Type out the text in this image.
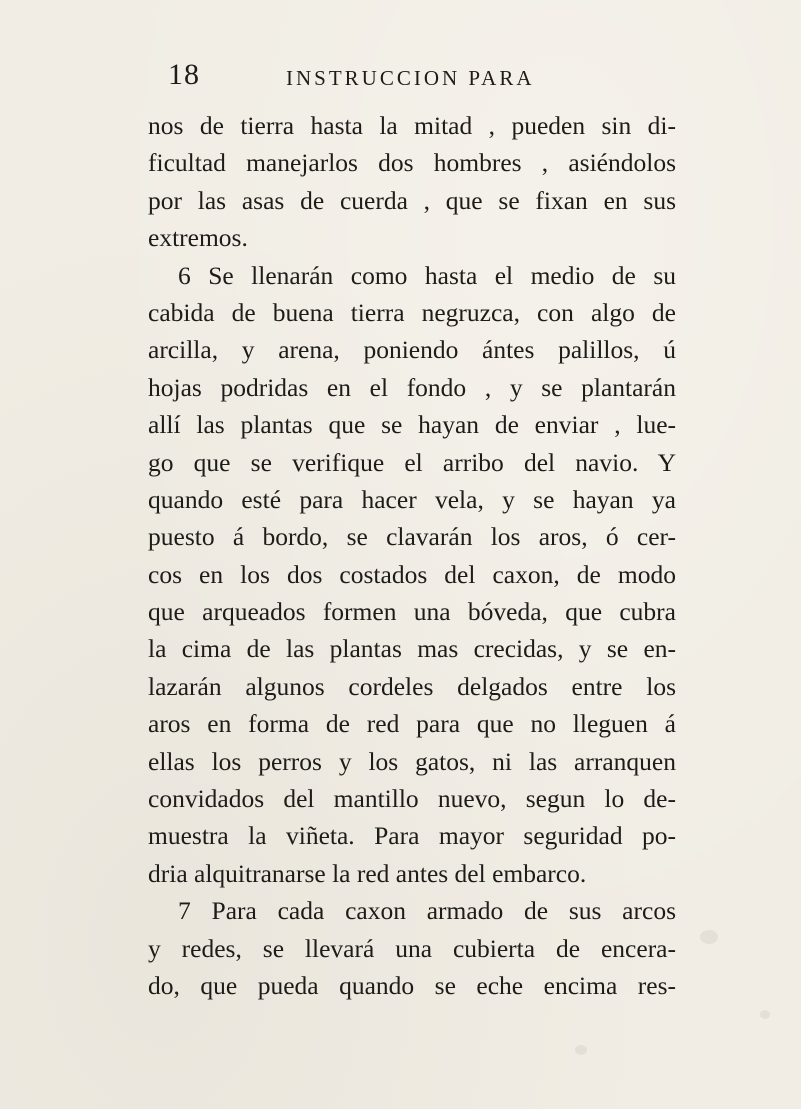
18	INSTRUCCION PARA
nos de tierra hasta la mitad , pueden sin di-
ficultad manejarlos dos hombres , asiéndolos
por las asas de cuerda , que se fixan en sus
extremos.
6 Se llenarán como hasta el medio de su
cabida de buena tierra negruzca, con algo de
arcilla, y arena, poniendo ántes palillos, ú
hojas podridas en el fondo , y se plantarán
allí las plantas que se hayan de enviar , lue-
go que se verifique el arribo del navio. Y
quando esté para hacer vela, y se hayan ya
puesto á bordo, se clavarán los aros, ó cer-
cos en los dos costados del caxon, de modo
que arqueados formen una bóveda, que cubra
la cima de las plantas mas crecidas, y se en-
lazarán algunos cordeles delgados entre los
aros en forma de red para que no lleguen á
ellas los perros y los gatos, ni las arranquen
convidados del mantillo nuevo, segun lo de-
muestra la viñeta. Para mayor seguridad po-
dria alquitranarse la red antes del embarco.
7 Para cada caxon armado de sus arcos
y redes, se llevará una cubierta de encera-
do, que pueda quando se eche encima res-
